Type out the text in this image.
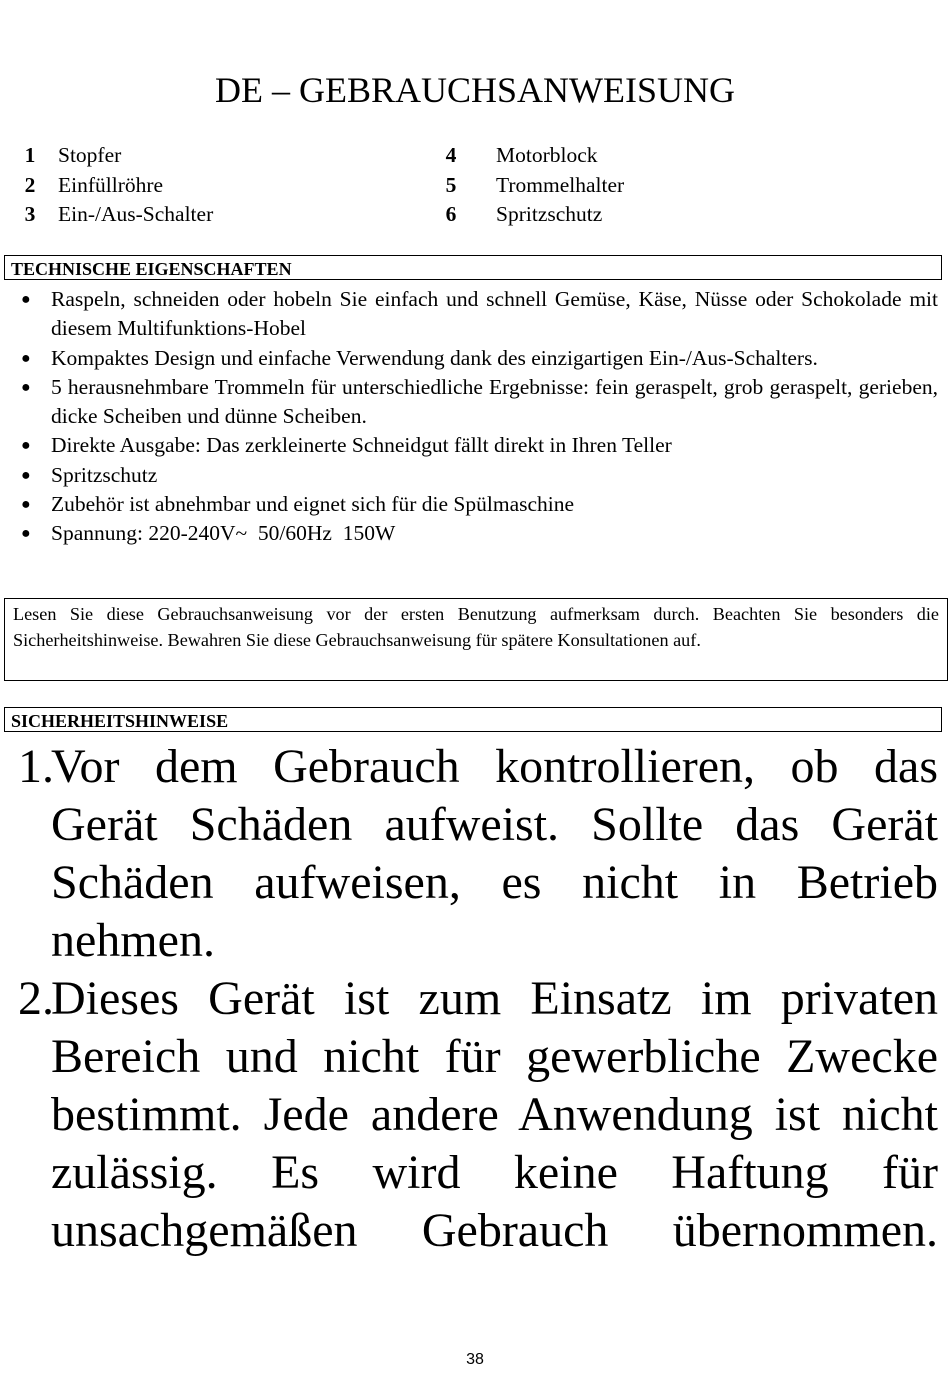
DE – GEBRAUCHSANWEISUNG
1 Stopfer
2 Einfüllröhre
3 Ein-/Aus-Schalter
4 Motorblock
5 Trommelhalter
6 Spritzschutz
TECHNISCHE EIGENSCHAFTEN
● Raspeln, schneiden oder hobeln Sie einfach und schnell Gemüse, Käse, Nüsse oder Schokolade mit diesem Multifunktions-Hobel
● Kompaktes Design und einfache Verwendung dank des einzigartigen Ein-/Aus-Schalters.
● 5 herausnehmbare Trommeln für unterschiedliche Ergebnisse: fein geraspelt, grob geraspelt, gerieben, dicke Scheiben und dünne Scheiben.
● Direkte Ausgabe: Das zerkleinerte Schneidgut fällt direkt in Ihren Teller
● Spritzschutz
● Zubehör ist abnehmbar und eignet sich für die Spülmaschine
● Spannung: 220-240V~  50/60Hz  150W
Lesen Sie diese Gebrauchsanweisung vor der ersten Benutzung aufmerksam durch. Beachten Sie besonders die Sicherheitshinweise. Bewahren Sie diese Gebrauchsanweisung für spätere Konsultationen auf.
SICHERHEITSHINWEISE
1.
Vor dem Gebrauch kontrollieren, ob das Gerät Schäden aufweist. Sollte das Gerät Schäden aufweisen, es nicht in Betrieb nehmen.
2.
Dieses Gerät ist zum Einsatz im privaten Bereich und nicht für gewerbliche Zwecke bestimmt. Jede andere Anwendung ist nicht zulässig. Es wird keine Haftung für unsachgemäßen Gebrauch übernommen.
38
